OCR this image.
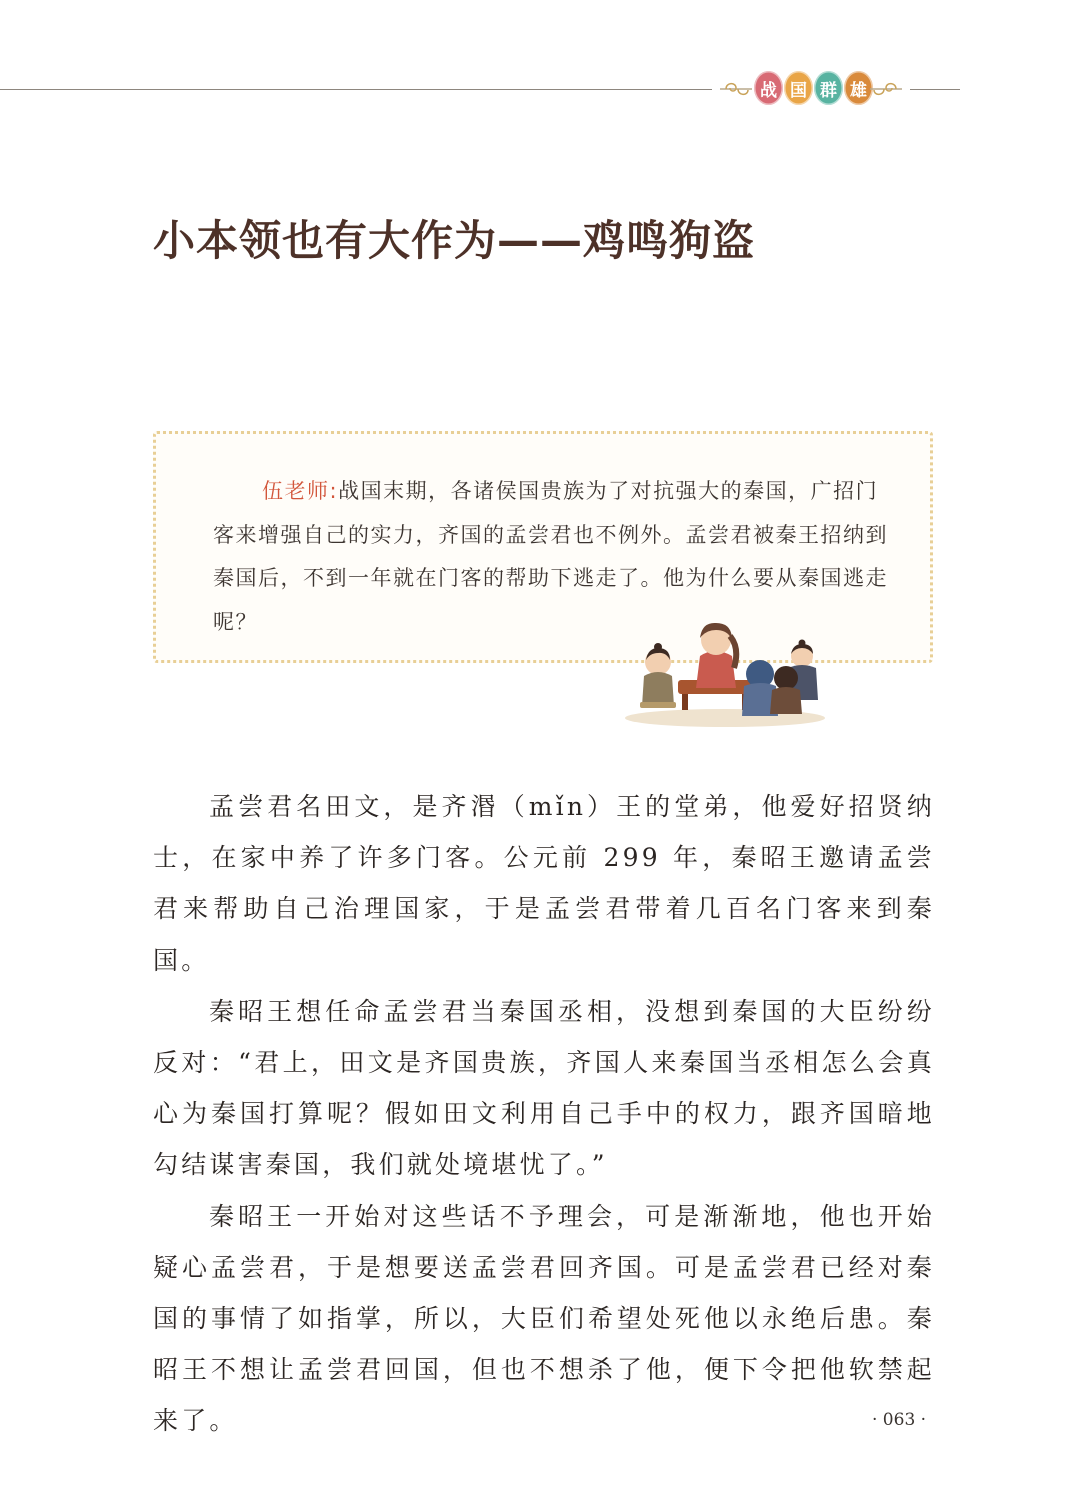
战 国 群 雄
小本领也有大作为——鸡鸣狗盗

伍老师:战国末期，各诸侯国贵族为了对抗强大的秦国，广招门客来增强自己的实力，齐国的孟尝君也不例外。孟尝君被秦王招纳到秦国后，不到一年就在门客的帮助下逃走了。他为什么要从秦国逃走呢？

孟尝君名田文，是齐湣（mǐn）王的堂弟，他爱好招贤纳士，在家中养了许多门客。公元前 299 年，秦昭王邀请孟尝君来帮助自己治理国家，于是孟尝君带着几百名门客来到秦国。

秦昭王想任命孟尝君当秦国丞相，没想到秦国的大臣纷纷反对：“君上，田文是齐国贵族，齐国人来秦国当丞相怎么会真心为秦国打算呢？假如田文利用自己手中的权力，跟齐国暗地勾结谋害秦国，我们就处境堪忧了。”

秦昭王一开始对这些话不予理会，可是渐渐地，他也开始疑心孟尝君，于是想要送孟尝君回齐国。可是孟尝君已经对秦国的事情了如指掌，所以，大臣们希望处死他以永绝后患。秦昭王不想让孟尝君回国，但也不想杀了他，便下令把他软禁起来了。	· 063 ·
